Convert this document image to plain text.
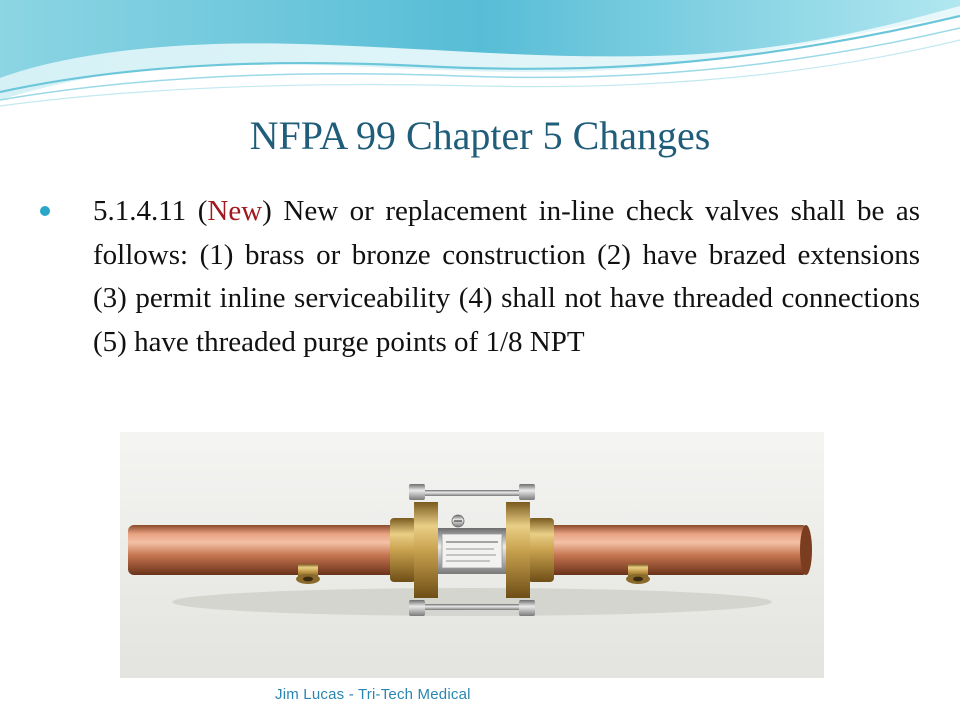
NFPA 99 Chapter 5 Changes
5.1.4.11 (New) New or replacement in-line check valves shall be as follows: (1) brass or bronze construction (2) have brazed extensions (3) permit inline serviceability (4) shall not have threaded connections (5) have threaded purge points of 1/8 NPT
Jim Lucas - Tri-Tech Medical
